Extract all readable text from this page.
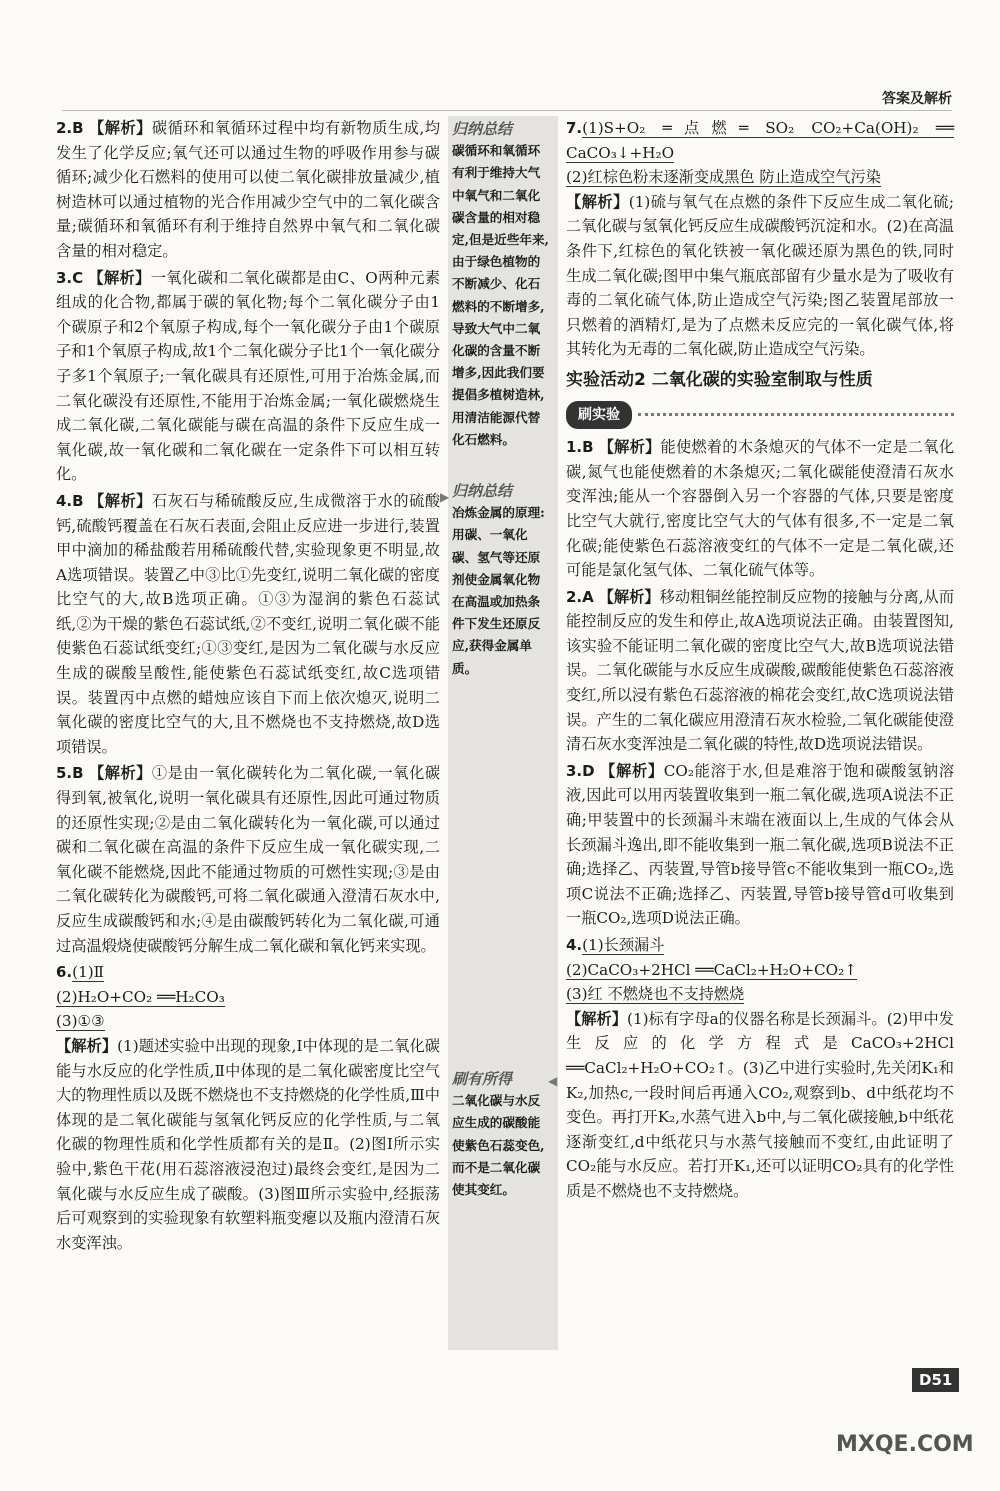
答案及解析

2.B 【解析】碳循环和氧循环过程中均有新物质生成,均发生了化学反应;氧气还可以通过生物的呼吸作用参与碳循环;减少化石燃料的使用可以使二氧化碳排放量减少,植树造林可以通过植物的光合作用减少空气中的二氧化碳含量;碳循环和氧循环有利于维持自然界中氧气和二氧化碳含量的相对稳定。

3.C 【解析】一氧化碳和二氧化碳都是由C、O两种元素组成的化合物,都属于碳的氧化物;每个二氧化碳分子由1个碳原子和2个氧原子构成,每个一氧化碳分子由1个碳原子和1个氧原子构成,故1个二氧化碳分子比1个一氧化碳分子多1个氧原子;一氧化碳具有还原性,可用于冶炼金属,而二氧化碳没有还原性,不能用于冶炼金属;一氧化碳燃烧生成二氧化碳,二氧化碳能与碳在高温的条件下反应生成一氧化碳,故一氧化碳和二氧化碳在一定条件下可以相互转化。

4.B 【解析】石灰石与稀硫酸反应,生成微溶于水的硫酸钙,硫酸钙覆盖在石灰石表面,会阻止反应进一步进行,装置甲中滴加的稀盐酸若用稀硫酸代替,实验现象更不明显,故A选项错误。装置乙中③比①先变红,说明二氧化碳的密度比空气的大,故B选项正确。①③为湿润的紫色石蕊试纸,②为干燥的紫色石蕊试纸,②不变红,说明二氧化碳不能使紫色石蕊试纸变红;①③变红,是因为二氧化碳与水反应生成的碳酸呈酸性,能使紫色石蕊试纸变红,故C选项错误。装置丙中点燃的蜡烛应该自下而上依次熄灭,说明二氧化碳的密度比空气的大,且不燃烧也不支持燃烧,故D选项错误。

5.B 【解析】①是由一氧化碳转化为二氧化碳,一氧化碳得到氧,被氧化,说明一氧化碳具有还原性,因此可通过物质的还原性实现;②是由二氧化碳转化为一氧化碳,可以通过碳和二氧化碳在高温的条件下反应生成一氧化碳实现,二氧化碳不能燃烧,因此不能通过物质的可燃性实现;③是由二氧化碳转化为碳酸钙,可将二氧化碳通入澄清石灰水中,反应生成碳酸钙和水;④是由碳酸钙转化为二氧化碳,可通过高温煅烧使碳酸钙分解生成二氧化碳和氧化钙来实现。

6.(1)Ⅱ
(2)H₂O+CO₂ ══H₂CO₃
(3)①③

【解析】(1)题述实验中出现的现象,Ⅰ中体现的是二氧化碳能与水反应的化学性质,Ⅱ中体现的是二氧化碳密度比空气大的物理性质以及既不燃烧也不支持燃烧的化学性质,Ⅲ中体现的是二氧化碳能与氢氧化钙反应的化学性质,与二氧化碳的物理性质和化学性质都有关的是Ⅱ。(2)图Ⅰ所示实验中,紫色干花(用石蕊溶液浸泡过)最终会变红,是因为二氧化碳与水反应生成了碳酸。(3)图Ⅲ所示实验中,经振荡后可观察到的实验现象有软塑料瓶变瘪以及瓶内澄清石灰水变浑浊。

归纳总结
碳循环和氧循环有利于维持大气中氧气和二氧化碳含量的相对稳定,但是近些年来,由于绿色植物的不断减少、化石燃料的不断增多,导致大气中二氧化碳的含量不断增多,因此我们要提倡多植树造林,用清洁能源代替化石燃料。
归纳总结
冶炼金属的原理:用碳、一氧化碳、氢气等还原剂使金属氧化物在高温或加热条件下发生还原反应,获得金属单质。
刷有所得
二氧化碳与水反应生成的碳酸能使紫色石蕊变色,而不是二氧化碳使其变红。
▶
◀
7.(1)S+O₂ ═点燃═ SO₂ CO₂+Ca(OH)₂ ══ CaCO₃↓+H₂O
(2)红棕色粉末逐渐变成黑色 防止造成空气污染

【解析】(1)硫与氧气在点燃的条件下反应生成二氧化硫;二氧化碳与氢氧化钙反应生成碳酸钙沉淀和水。(2)在高温条件下,红棕色的氧化铁被一氧化碳还原为黑色的铁,同时生成二氧化碳;图甲中集气瓶底部留有少量水是为了吸收有毒的二氧化硫气体,防止造成空气污染;图乙装置尾部放一只燃着的酒精灯,是为了点燃未反应完的一氧化碳气体,将其转化为无毒的二氧化碳,防止造成空气污染。

实验活动2 二氧化碳的实验室制取与性质
刷实验

1.B 【解析】能使燃着的木条熄灭的气体不一定是二氧化碳,氮气也能使燃着的木条熄灭;二氧化碳能使澄清石灰水变浑浊;能从一个容器倒入另一个容器的气体,只要是密度比空气大就行,密度比空气大的气体有很多,不一定是二氧化碳;能使紫色石蕊溶液变红的气体不一定是二氧化碳,还可能是氯化氢气体、二氧化硫气体等。

2.A 【解析】移动粗铜丝能控制反应物的接触与分离,从而能控制反应的发生和停止,故A选项说法正确。由装置图知,该实验不能证明二氧化碳的密度比空气大,故B选项说法错误。二氧化碳能与水反应生成碳酸,碳酸能使紫色石蕊溶液变红,所以浸有紫色石蕊溶液的棉花会变红,故C选项说法错误。产生的二氧化碳应用澄清石灰水检验,二氧化碳能使澄清石灰水变浑浊是二氧化碳的特性,故D选项说法错误。

3.D 【解析】CO₂能溶于水,但是难溶于饱和碳酸氢钠溶液,因此可以用丙装置收集到一瓶二氧化碳,选项A说法不正确;甲装置中的长颈漏斗末端在液面以上,生成的气体会从长颈漏斗逸出,即不能收集到一瓶二氧化碳,选项B说法不正确;选择乙、丙装置,导管b接导管c不能收集到一瓶CO₂,选项C说法不正确;选择乙、丙装置,导管b接导管d可收集到一瓶CO₂,选项D说法正确。

4.(1)长颈漏斗
(2)CaCO₃+2HCl ══CaCl₂+H₂O+CO₂↑
(3)红 不燃烧也不支持燃烧

【解析】(1)标有字母a的仪器名称是长颈漏斗。(2)甲中发生反应的化学方程式是CaCO₃+2HCl ══CaCl₂+H₂O+CO₂↑。(3)乙中进行实验时,先关闭K₁和K₂,加热c,一段时间后再通入CO₂,观察到b、d中纸花均不变色。再打开K₂,水蒸气进入b中,与二氧化碳接触,b中纸花逐渐变红,d中纸花只与水蒸气接触而不变红,由此证明了CO₂能与水反应。若打开K₁,还可以证明CO₂具有的化学性质是不燃烧也不支持燃烧。

D51
MXQE.COM
